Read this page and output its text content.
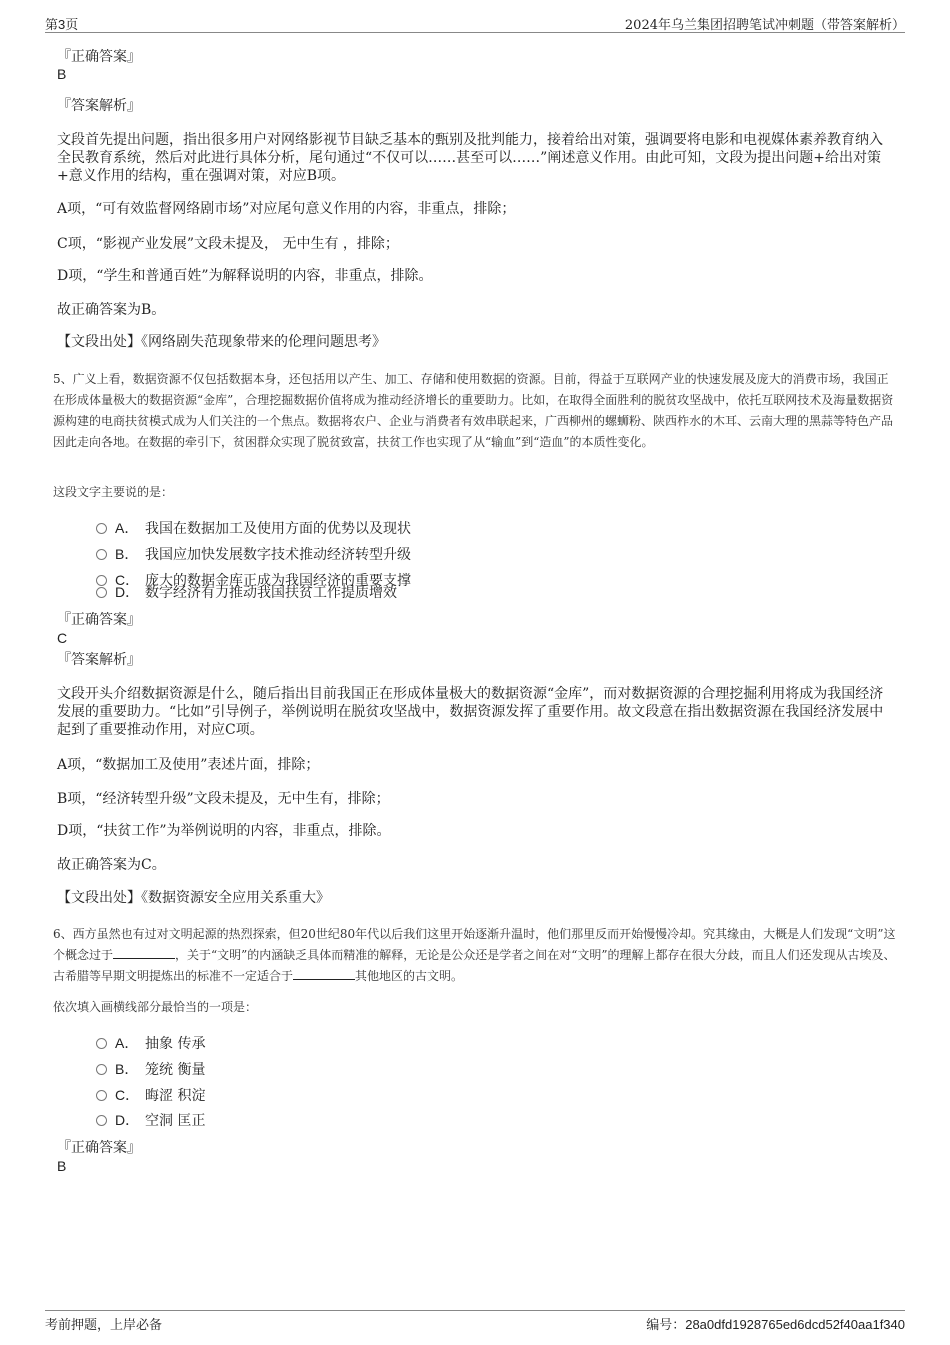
第3页	2024年乌兰集团招聘笔试冲刺题（带答案解析）
『正确答案』
B
『答案解析』
文段首先提出问题，指出很多用户对网络影视节目缺乏基本的甄别及批判能力，接着给出对策，强调要将电影和电视媒体素养教育纳入全民教育系统，然后对此进行具体分析，尾句通过“不仅可以……甚至可以……”阐述意义作用。由此可知，文段为提出问题+给出对策+意义作用的结构，重在强调对策，对应B项。
A项，“可有效监督网络剧市场”对应尾句意义作用的内容，非重点，排除；
C项，“影视产业发展”文段未提及， 无中生有 ，排除；
D项，“学生和普通百姓”为解释说明的内容，非重点，排除。
故正确答案为B。
【文段出处】《网络剧失范现象带来的伦理问题思考》
5、广义上看，数据资源不仅包括数据本身，还包括用以产生、加工、存储和使用数据的资源。目前，得益于互联网产业的快速发展及庞大的消费市场，我国正在形成体量极大的数据资源“金库”，合理挖掘数据价值将成为推动经济增长的重要助力。比如，在取得全面胜利的脱贫攻坚战中，依托互联网技术及海量数据资源构建的电商扶贫模式成为人们关注的一个焦点。数据将农户、企业与消费者有效串联起来，广西柳州的螺蛳粉、陕西柞水的木耳、云南大理的黑蒜等特色产品因此走向各地。在数据的牵引下，贫困群众实现了脱贫致富，扶贫工作也实现了从“输血”到“造血”的本质性变化。
这段文字主要说的是：
A． 我国在数据加工及使用方面的优势以及现状
B． 我国应加快发展数字技术推动经济转型升级
C． 庞大的数据金库正成为我国经济的重要支撑
D． 数字经济有力推动我国扶贫工作提质增效
『正确答案』
C
『答案解析』
文段开头介绍数据资源是什么，随后指出目前我国正在形成体量极大的数据资源“金库”，而对数据资源的合理挖掘利用将成为我国经济发展的重要助力。“比如”引导例子，举例说明在脱贫攻坚战中，数据资源发挥了重要作用。故文段意在指出数据资源在我国经济发展中起到了重要推动作用，对应C项。
A项，“数据加工及使用”表述片面，排除；
B项，“经济转型升级”文段未提及，无中生有，排除；
D项，“扶贫工作”为举例说明的内容，非重点，排除。
故正确答案为C。
【文段出处】《数据资源安全应用关系重大》
6、西方虽然也有过对文明起源的热烈探索，但20世纪80年代以后我们这里开始逐渐升温时，他们那里反而开始慢慢冷却。究其缘由，大概是人们发现“文明”这个概念过于	，关于“文明”的内涵缺乏具体而精准的解释，无论是公众还是学者之间在对“文明”的理解上都存在很大分歧，而且人们还发现从古埃及、古希腊等早期文明提炼出的标准不一定适合于	其他地区的古文明。
依次填入画横线部分最恰当的一项是：
A． 抽象 传承
B． 笼统 衡量
C． 晦涩 积淀
D． 空洞 匡正
『正确答案』
B
考前押题，上岸必备	编号：28a0dfd1928765ed6dcd52f40aa1f340
